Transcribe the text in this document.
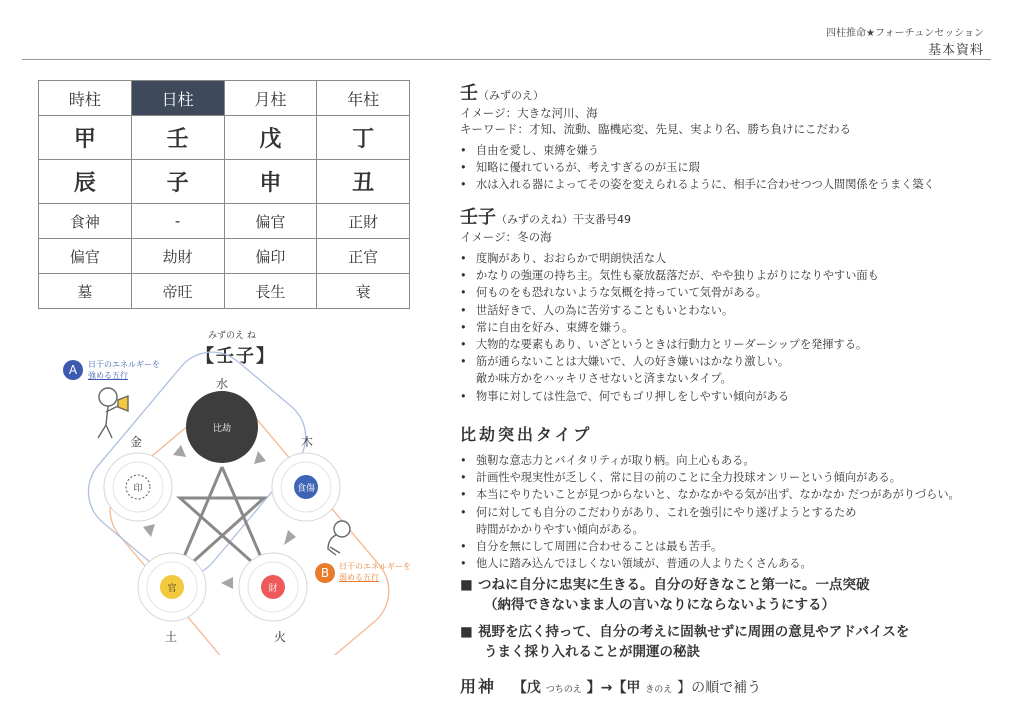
四柱推命★フォーチュンセッション
基本資料
時柱	日柱	月柱	年柱
甲	壬	戊	丁
辰	子	申	丑
食神	-	偏官	正財
偏官	劫財	偏印	正官
墓	帝旺	長生	衰
みずのえ ね
【壬子】
比劫
食傷
財
官
印
A	日干のエネルギーを
強める五行
B	日干のエネルギーを
弱める五行
水
木
火
土
金
壬（みずのえ）
イメージ：大きな河川、海
キーワード：才知、流動、臨機応変、先見、実より名、勝ち負けにこだわる
• 自由を愛し、束縛を嫌う
• 知略に優れているが、考えすぎるのが玉に瑕
• 水は入れる器によってその姿を変えられるように、相手に合わせつつ人間関係をうまく築く
壬子（みずのえね）干支番号49
イメージ：冬の海
• 度胸があり、おおらかで明朗快活な人
• かなりの強運の持ち主。気性も豪放磊落だが、やや独りよがりになりやすい面も
• 何ものをも恐れないような気概を持っていて気骨がある。
• 世話好きで、人の為に苦労することもいとわない。
• 常に自由を好み、束縛を嫌う。
• 大物的な要素もあり、いざというときは行動力とリーダーシップを発揮する。
• 筋が通らないことは大嫌いで、人の好き嫌いはかなり激しい。
敵か味方かをハッキリさせないと済まないタイプ。
• 物事に対しては性急で、何でもゴリ押しをしやすい傾向がある
比劫突出タイプ
• 強靭な意志力とバイタリティが取り柄。向上心もある。
• 計画性や現実性が乏しく、常に目の前のことに全力投球オンリーという傾向がある。
• 本当にやりたいことが見つからないと、なかなかやる気が出ず、なかなか だつがあがりづらい。
• 何に対しても自分のこだわりがあり、これを強引にやり遂げようとするため
時間がかかりやすい傾向がある。
• 自分を無にして周囲に合わせることは最も苦手。
• 他人に踏み込んでほしくない領域が、普通の人よりたくさんある。
■ つねに自分に忠実に生きる。自分の好きなこと第一に。一点突破
（納得できないまま人の言いなりにならないようにする）
■ 視野を広く持って、自分の考えに固執せずに周囲の意見やアドバイスを
うまく採り入れることが開運の秘訣
用神 【戊 つちのえ 】→【甲 きのえ 】の順で補う
